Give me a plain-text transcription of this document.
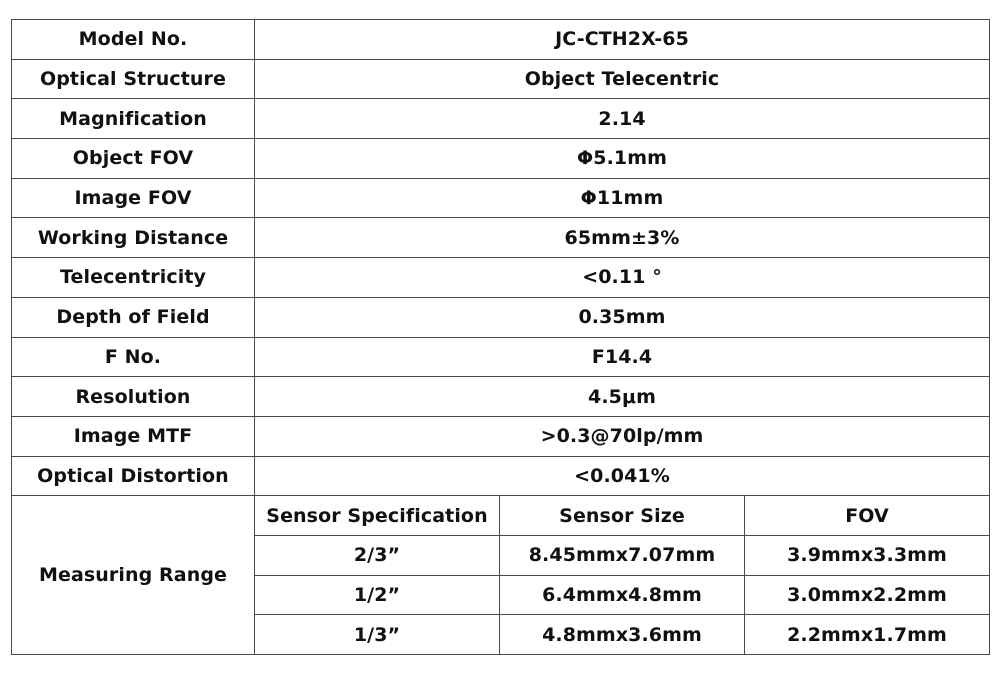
Model No.	JC-CTH2X-65		
Optical Structure	Object Telecentric		
Magnification	2.14		
Object FOV	Φ5.1mm		
Image FOV	Φ11mm		
Working Distance	65mm±3%		
Telecentricity	<0.11 °		
Depth of Field	0.35mm		
F No.	F14.4		
Resolution	4.5μm		
Image MTF	>0.3@70lp/mm		
Optical Distortion	<0.041%		
Measuring Range	Sensor Specification	Sensor Size	FOV
	2/3”	8.45mmx7.07mm	3.9mmx3.3mm
	1/2”	6.4mmx4.8mm	3.0mmx2.2mm
	1/3”	4.8mmx3.6mm	2.2mmx1.7mm
